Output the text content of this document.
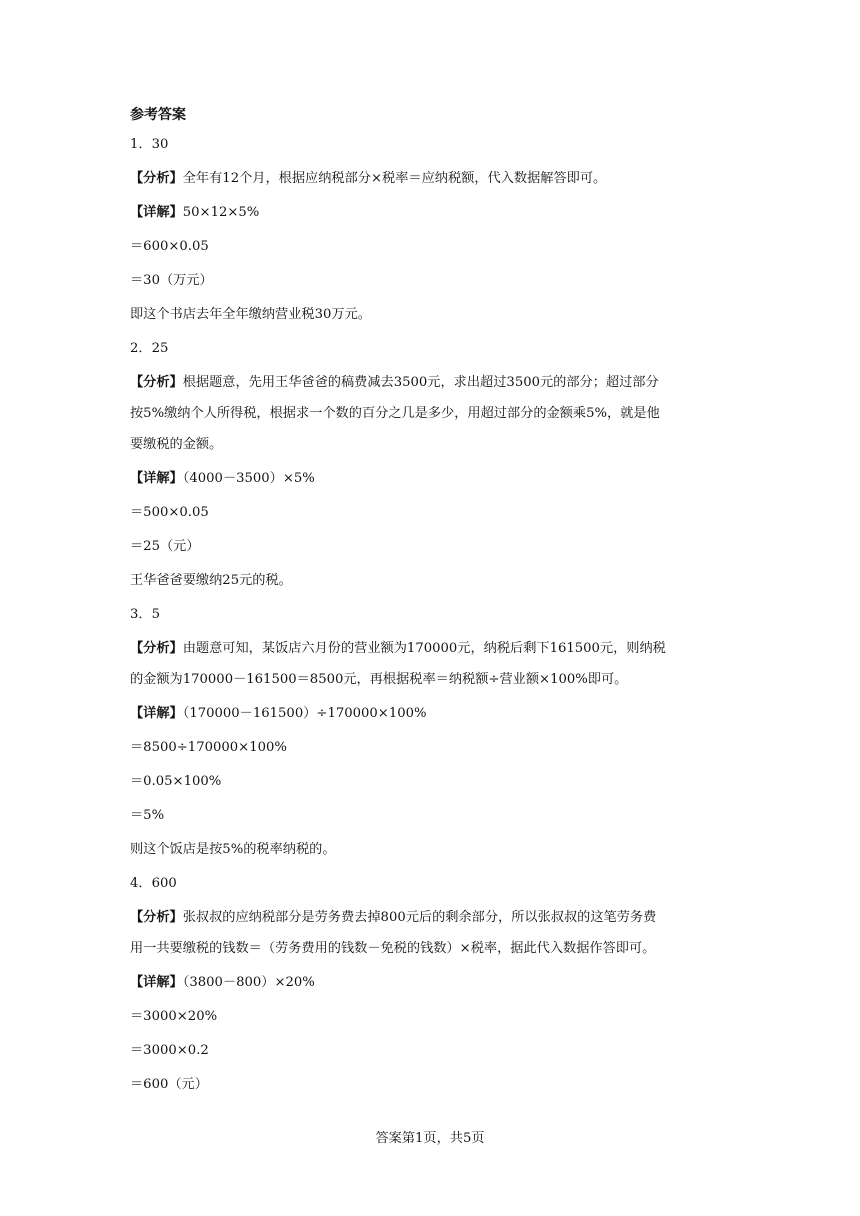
参考答案
1．30
【分析】全年有12个月，根据应纳税部分×税率＝应纳税额，代入数据解答即可。
【详解】50×12×5%
＝600×0.05
＝30（万元）
即这个书店去年全年缴纳营业税30万元。
2．25
【分析】根据题意，先用王华爸爸的稿费减去3500元，求出超过3500元的部分；超过部分
按5%缴纳个人所得税，根据求一个数的百分之几是多少，用超过部分的金额乘5%，就是他
要缴税的金额。
【详解】（4000－3500）×5%
＝500×0.05
＝25（元）
王华爸爸要缴纳25元的税。
3．5
【分析】由题意可知，某饭店六月份的营业额为170000元，纳税后剩下161500元，则纳税
的金额为170000－161500＝8500元，再根据税率＝纳税额÷营业额×100%即可。
【详解】（170000－161500）÷170000×100%
＝8500÷170000×100%
＝0.05×100%
＝5%
则这个饭店是按5%的税率纳税的。
4．600
【分析】张叔叔的应纳税部分是劳务费去掉800元后的剩余部分，所以张叔叔的这笔劳务费
用一共要缴税的钱数＝（劳务费用的钱数－免税的钱数）×税率，据此代入数据作答即可。
【详解】（3800－800）×20%
＝3000×20%
＝3000×0.2
＝600（元）
答案第1页，共5页
